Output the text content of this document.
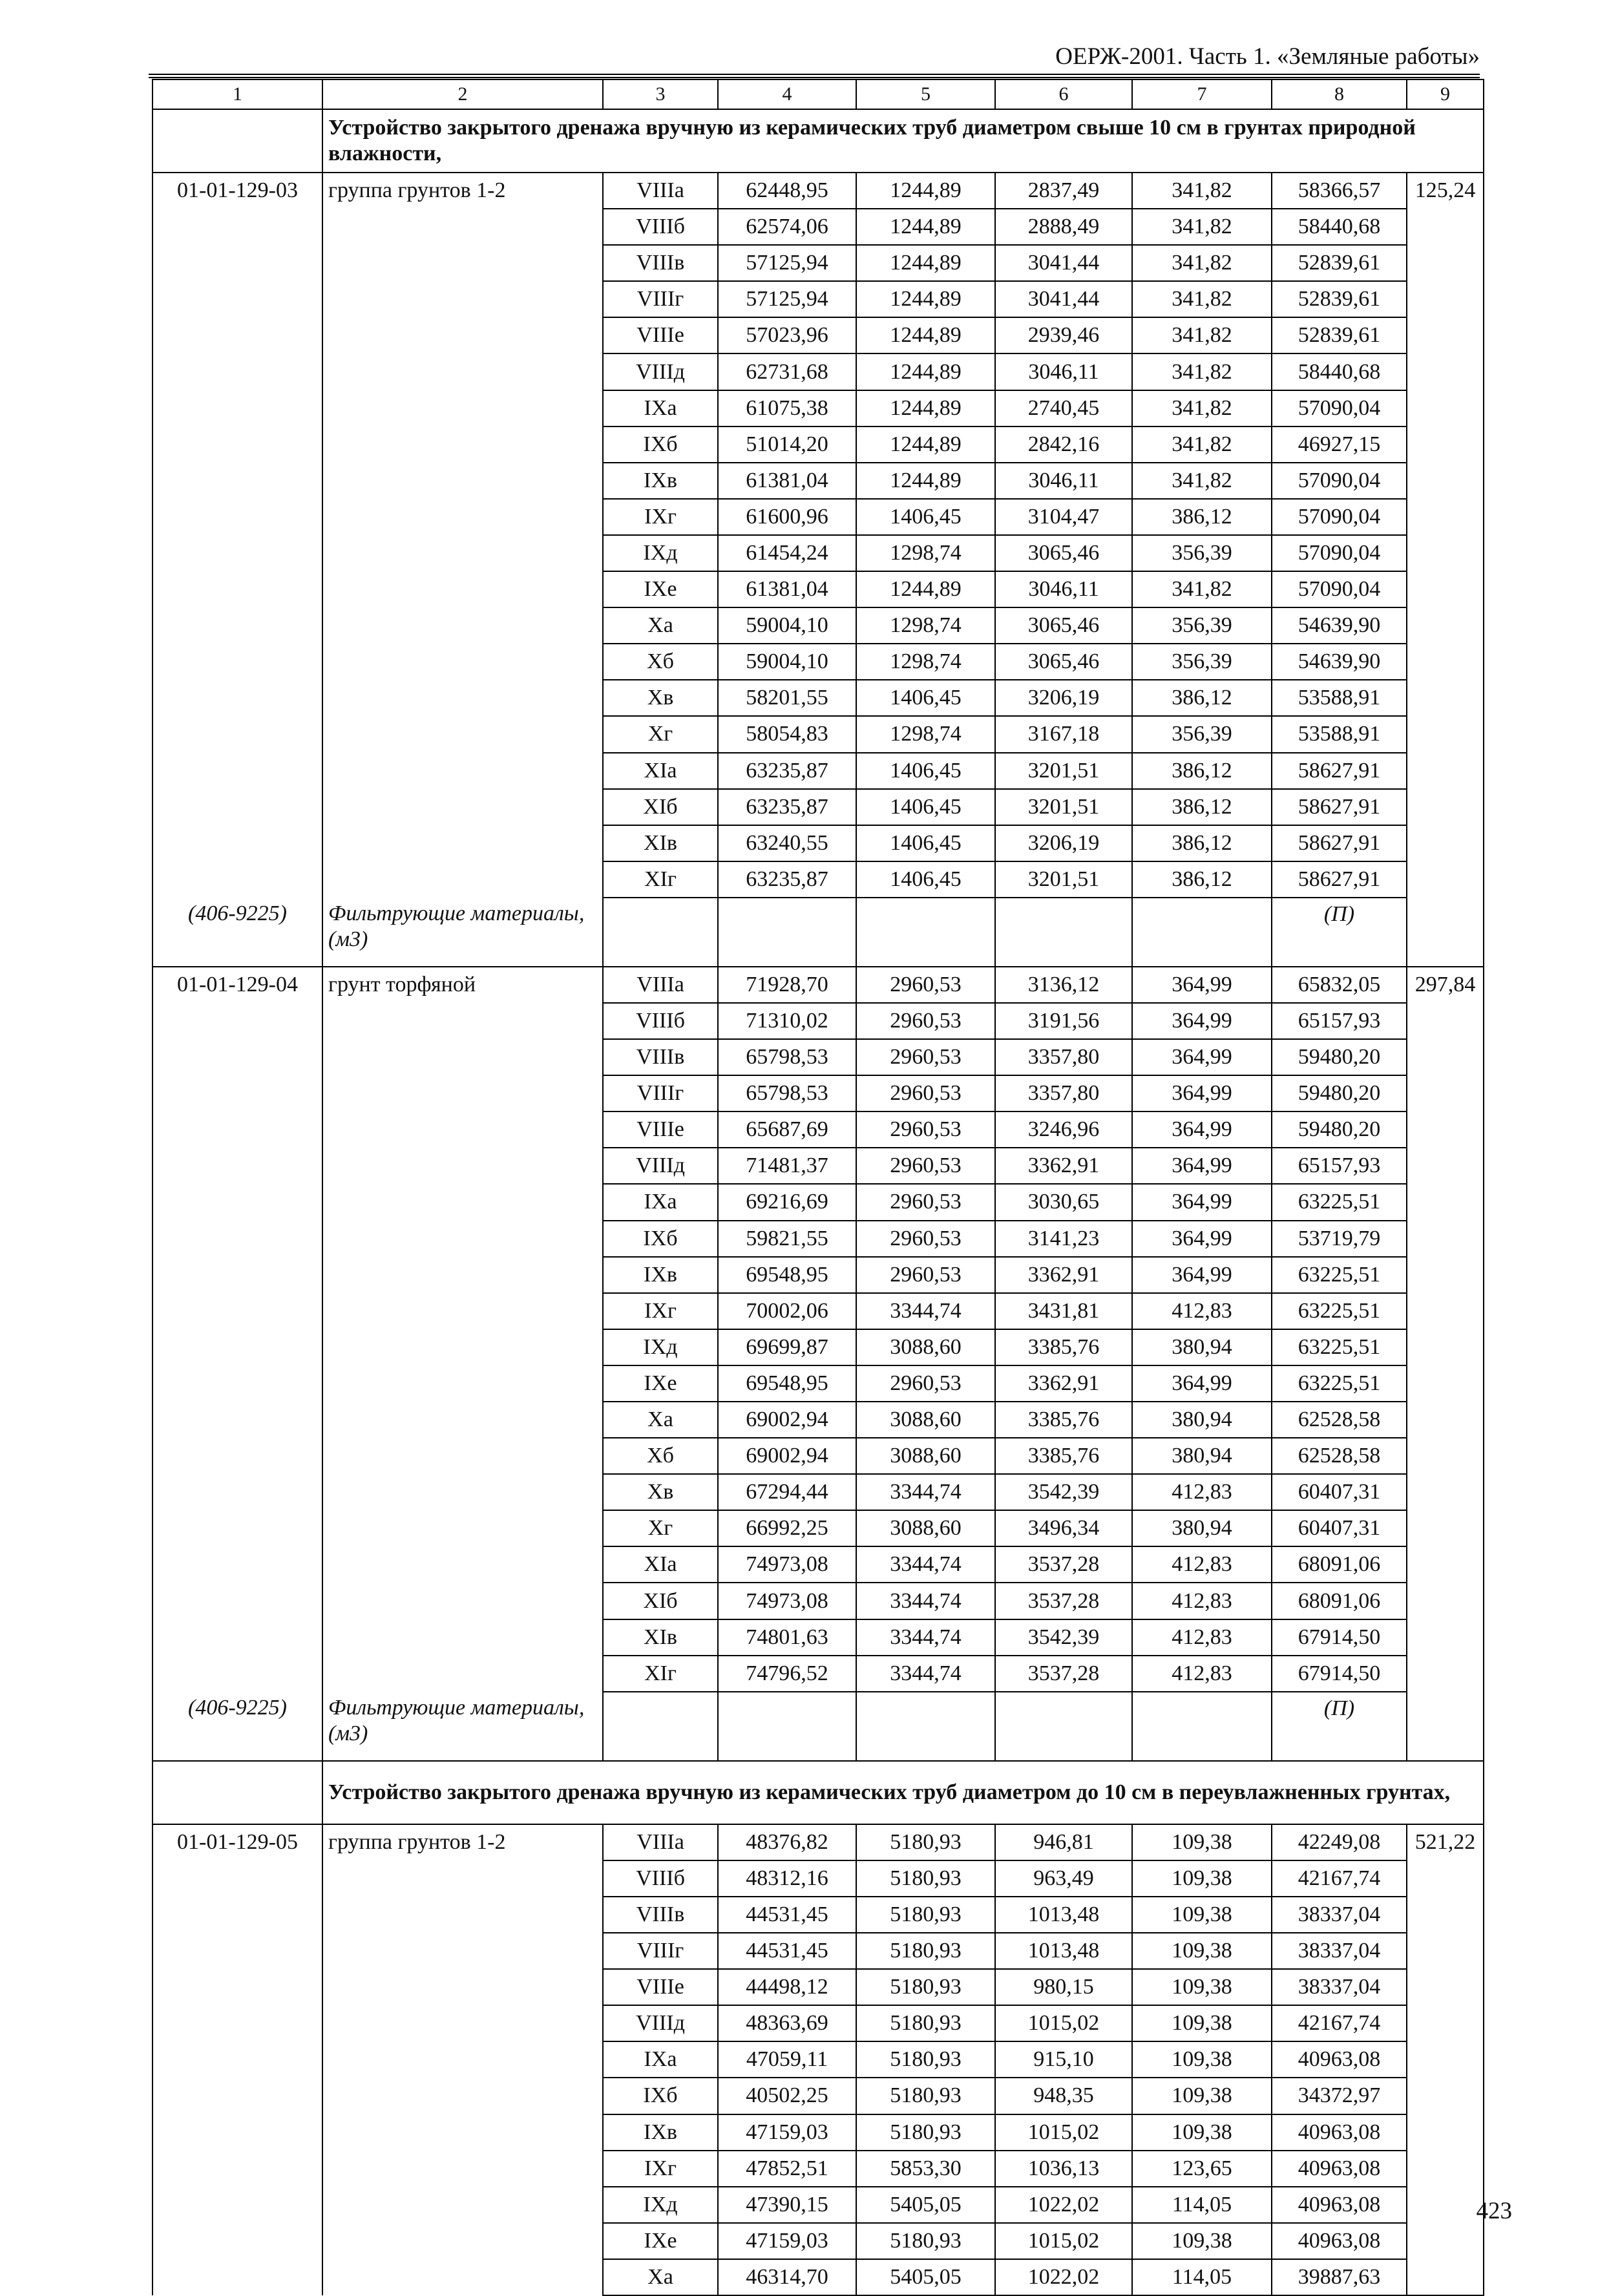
ОЕРЖ-2001. Часть 1. «Земляные работы»
1	2	3	4	5	6	7	8	9
	Устройство закрытого дренажа вручную из керамических труб диаметром свыше 10 см в грунтах природной влажности,							
01-01-129-03	группа грунтов 1-2	VIIIа	62448,95	1244,89	2837,49	341,82	58366,57	125,24
		VIIIб	62574,06	1244,89	2888,49	341,82	58440,68	
		VIIIв	57125,94	1244,89	3041,44	341,82	52839,61	
		VIIIг	57125,94	1244,89	3041,44	341,82	52839,61	
		VIIIе	57023,96	1244,89	2939,46	341,82	52839,61	
		VIIIд	62731,68	1244,89	3046,11	341,82	58440,68	
		IXа	61075,38	1244,89	2740,45	341,82	57090,04	
		IXб	51014,20	1244,89	2842,16	341,82	46927,15	
		IXв	61381,04	1244,89	3046,11	341,82	57090,04	
		IXг	61600,96	1406,45	3104,47	386,12	57090,04	
		IXд	61454,24	1298,74	3065,46	356,39	57090,04	
		IXе	61381,04	1244,89	3046,11	341,82	57090,04	
		Xа	59004,10	1298,74	3065,46	356,39	54639,90	
		Xб	59004,10	1298,74	3065,46	356,39	54639,90	
		Xв	58201,55	1406,45	3206,19	386,12	53588,91	
		Xг	58054,83	1298,74	3167,18	356,39	53588,91	
		XIа	63235,87	1406,45	3201,51	386,12	58627,91	
		XIб	63235,87	1406,45	3201,51	386,12	58627,91	
		XIв	63240,55	1406,45	3206,19	386,12	58627,91	
		XIг	63235,87	1406,45	3201,51	386,12	58627,91	
(406-9225)	Фильтрующие материалы, (м3)						(П)	
01-01-129-04	грунт торфяной	VIIIа	71928,70	2960,53	3136,12	364,99	65832,05	297,84
		VIIIб	71310,02	2960,53	3191,56	364,99	65157,93	
		VIIIв	65798,53	2960,53	3357,80	364,99	59480,20	
		VIIIг	65798,53	2960,53	3357,80	364,99	59480,20	
		VIIIе	65687,69	2960,53	3246,96	364,99	59480,20	
		VIIIд	71481,37	2960,53	3362,91	364,99	65157,93	
		IXа	69216,69	2960,53	3030,65	364,99	63225,51	
		IXб	59821,55	2960,53	3141,23	364,99	53719,79	
		IXв	69548,95	2960,53	3362,91	364,99	63225,51	
		IXг	70002,06	3344,74	3431,81	412,83	63225,51	
		IXд	69699,87	3088,60	3385,76	380,94	63225,51	
		IXе	69548,95	2960,53	3362,91	364,99	63225,51	
		Xа	69002,94	3088,60	3385,76	380,94	62528,58	
		Xб	69002,94	3088,60	3385,76	380,94	62528,58	
		Xв	67294,44	3344,74	3542,39	412,83	60407,31	
		Xг	66992,25	3088,60	3496,34	380,94	60407,31	
		XIа	74973,08	3344,74	3537,28	412,83	68091,06	
		XIб	74973,08	3344,74	3537,28	412,83	68091,06	
		XIв	74801,63	3344,74	3542,39	412,83	67914,50	
		XIг	74796,52	3344,74	3537,28	412,83	67914,50	
(406-9225)	Фильтрующие материалы, (м3)						(П)	
	Устройство закрытого дренажа вручную из керамических труб диаметром до 10 см в переувлажненных грунтах,							
01-01-129-05	группа грунтов 1-2	VIIIа	48376,82	5180,93	946,81	109,38	42249,08	521,22
		VIIIб	48312,16	5180,93	963,49	109,38	42167,74	
		VIIIв	44531,45	5180,93	1013,48	109,38	38337,04	
		VIIIг	44531,45	5180,93	1013,48	109,38	38337,04	
		VIIIе	44498,12	5180,93	980,15	109,38	38337,04	
		VIIIд	48363,69	5180,93	1015,02	109,38	42167,74	
		IXа	47059,11	5180,93	915,10	109,38	40963,08	
		IXб	40502,25	5180,93	948,35	109,38	34372,97	
		IXв	47159,03	5180,93	1015,02	109,38	40963,08	
		IXг	47852,51	5853,30	1036,13	123,65	40963,08	
		IXд	47390,15	5405,05	1022,02	114,05	40963,08	
		IXе	47159,03	5180,93	1015,02	109,38	40963,08	
		Xа	46314,70	5405,05	1022,02	114,05	39887,63	
423
